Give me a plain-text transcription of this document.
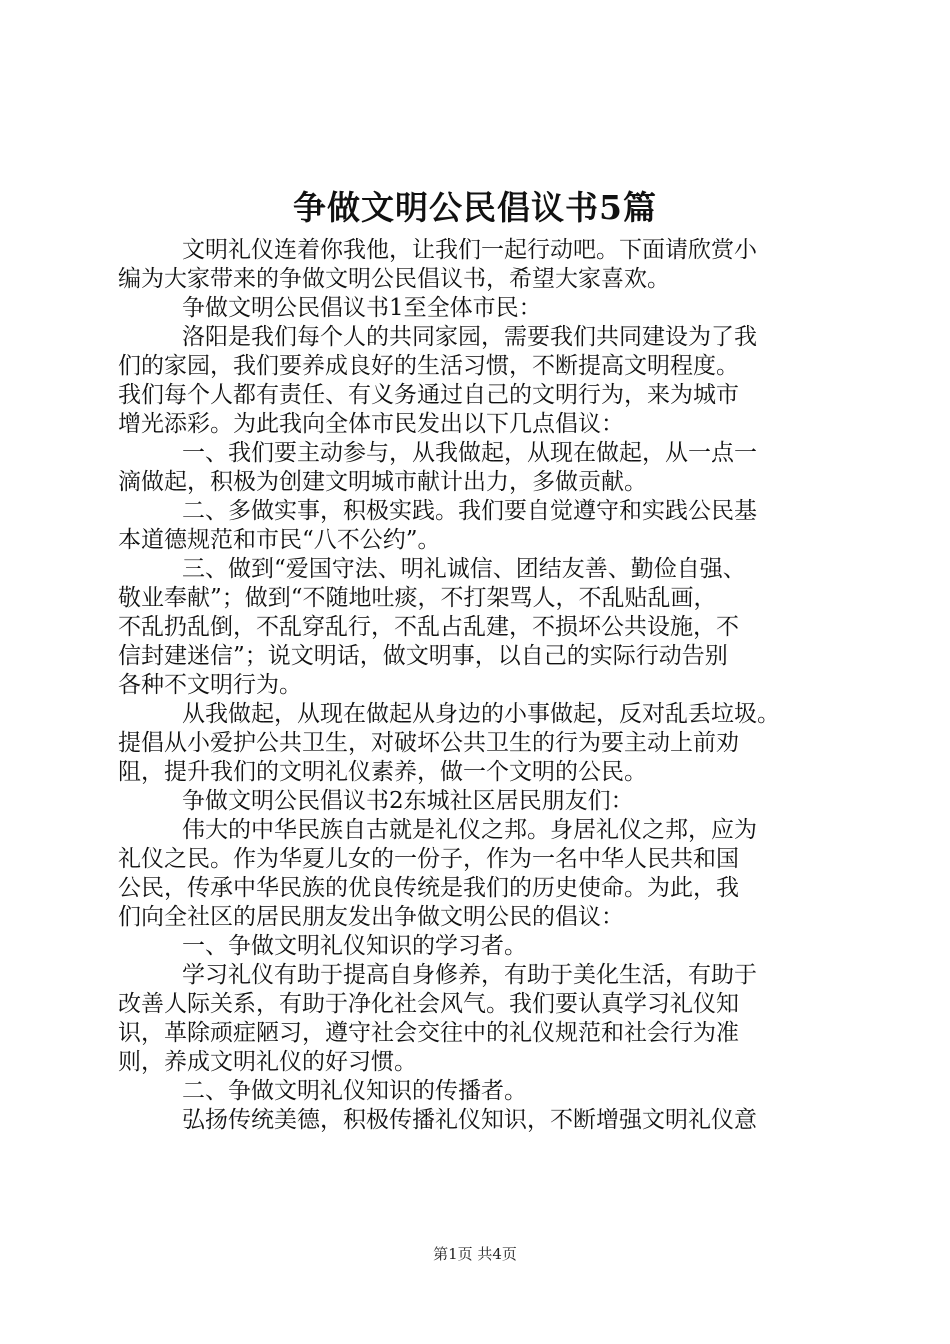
争做文明公民倡议书5篇
文明礼仪连着你我他，让我们一起行动吧。下面请欣赏小
编为大家带来的争做文明公民倡议书，希望大家喜欢。
争做文明公民倡议书1至全体市民：
洛阳是我们每个人的共同家园，需要我们共同建设为了我
们的家园，我们要养成良好的生活习惯，不断提高文明程度。
我们每个人都有责任、有义务通过自己的文明行为，来为城市
增光添彩。为此我向全体市民发出以下几点倡议：
一、我们要主动参与，从我做起，从现在做起，从一点一
滴做起，积极为创建文明城市献计出力，多做贡献。
二、多做实事，积极实践。我们要自觉遵守和实践公民基
本道德规范和市民“八不公约”。
三、做到“爱国守法、明礼诚信、团结友善、勤俭自强、
敬业奉献”；做到“不随地吐痰，不打架骂人，不乱贴乱画，
不乱扔乱倒，不乱穿乱行，不乱占乱建，不损坏公共设施，不
信封建迷信”；说文明话，做文明事，以自己的实际行动告别
各种不文明行为。
从我做起，从现在做起从身边的小事做起，反对乱丢垃圾。
提倡从小爱护公共卫生，对破坏公共卫生的行为要主动上前劝
阻，提升我们的文明礼仪素养，做一个文明的公民。
争做文明公民倡议书2东城社区居民朋友们：
伟大的中华民族自古就是礼仪之邦。身居礼仪之邦，应为
礼仪之民。作为华夏儿女的一份子，作为一名中华人民共和国
公民，传承中华民族的优良传统是我们的历史使命。为此，我
们向全社区的居民朋友发出争做文明公民的倡议：
一、争做文明礼仪知识的学习者。
学习礼仪有助于提高自身修养，有助于美化生活，有助于
改善人际关系，有助于净化社会风气。我们要认真学习礼仪知
识，革除顽症陋习，遵守社会交往中的礼仪规范和社会行为准
则，养成文明礼仪的好习惯。
二、争做文明礼仪知识的传播者。
弘扬传统美德，积极传播礼仪知识，不断增强文明礼仪意
第1页 共4页
